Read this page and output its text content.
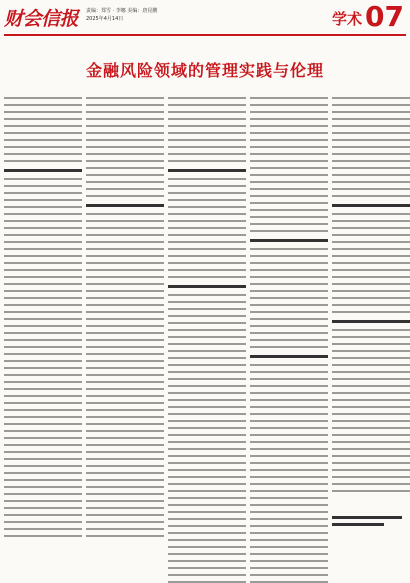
财会信报 责编：郑雪 · 李娜 美编：唐昆鹏
2025年4月14日	学术 07
金融风险领域的管理实践与伦理
